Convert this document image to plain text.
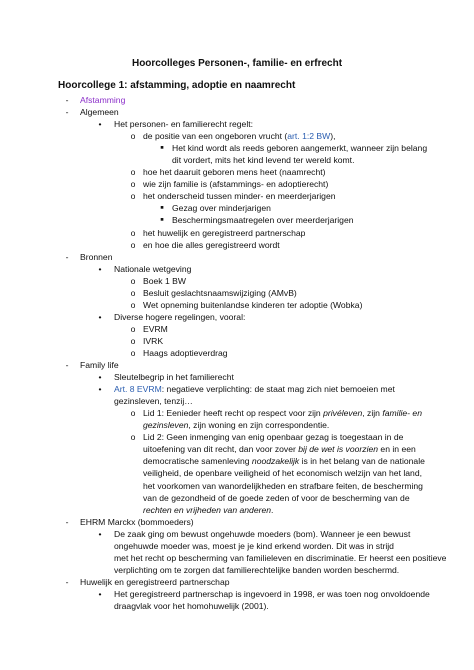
Hoorcolleges Personen-, familie- en erfrecht
Hoorcollege 1: afstamming, adoptie en naamrecht
-	Afstamming
-	Algemeen
•	Het personen- en familierecht regelt:
o de positie van een ongeboren vrucht (art. 1:2 BW),
■ Het kind wordt als reeds geboren aangemerkt, wanneer zijn belang
dit vordert, mits het kind levend ter wereld komt.
o hoe het daaruit geboren mens heet (naamrecht)
o wie zijn familie is (afstammings- en adoptierecht)
o het onderscheid tussen minder- en meerderjarigen
■ Gezag over minderjarigen
■ Beschermingsmaatregelen over meerderjarigen
o het huwelijk en geregistreerd partnerschap
o en hoe die alles geregistreerd wordt
-	Bronnen
•	Nationale wetgeving
o Boek 1 BW
o Besluit geslachtsnaamswijziging (AMvB)
o Wet opneming buitenlandse kinderen ter adoptie (Wobka)
•	Diverse hogere regelingen, vooral:
o EVRM
o IVRK
o Haags adoptieverdrag
-	Family life
•	Sleutelbegrip in het familierecht
•	Art. 8 EVRM: negatieve verplichting: de staat mag zich niet bemoeien met
gezinsleven, tenzij…
o Lid 1: Eenieder heeft recht op respect voor zijn privéleven, zijn familie- en
gezinsleven, zijn woning en zijn correspondentie.
o Lid 2: Geen inmenging van enig openbaar gezag is toegestaan in de
uitoefening van dit recht, dan voor zover bij de wet is voorzien en in een
democratische samenleving noodzakelijk is in het belang van de nationale
veiligheid, de openbare veiligheid of het economisch welzijn van het land,
het voorkomen van wanordelijkheden en strafbare feiten, de bescherming
van de gezondheid of de goede zeden of voor de bescherming van de
rechten en vrijheden van anderen.
-	EHRM Marckx (bommoeders)
•	De zaak ging om bewust ongehuwde moeders (bom). Wanneer je een bewust
ongehuwde moeder was, moest je je kind erkend worden. Dit was in strijd
met het recht op bescherming van familieleven en discriminatie. Er heerst een positieve
verplichting om te zorgen dat familierechtelijke banden worden beschermd.
-	Huwelijk en geregistreerd partnerschap
•	Het geregistreerd partnerschap is ingevoerd in 1998, er was toen nog onvoldoende
draagvlak voor het homohuwelijk (2001).
